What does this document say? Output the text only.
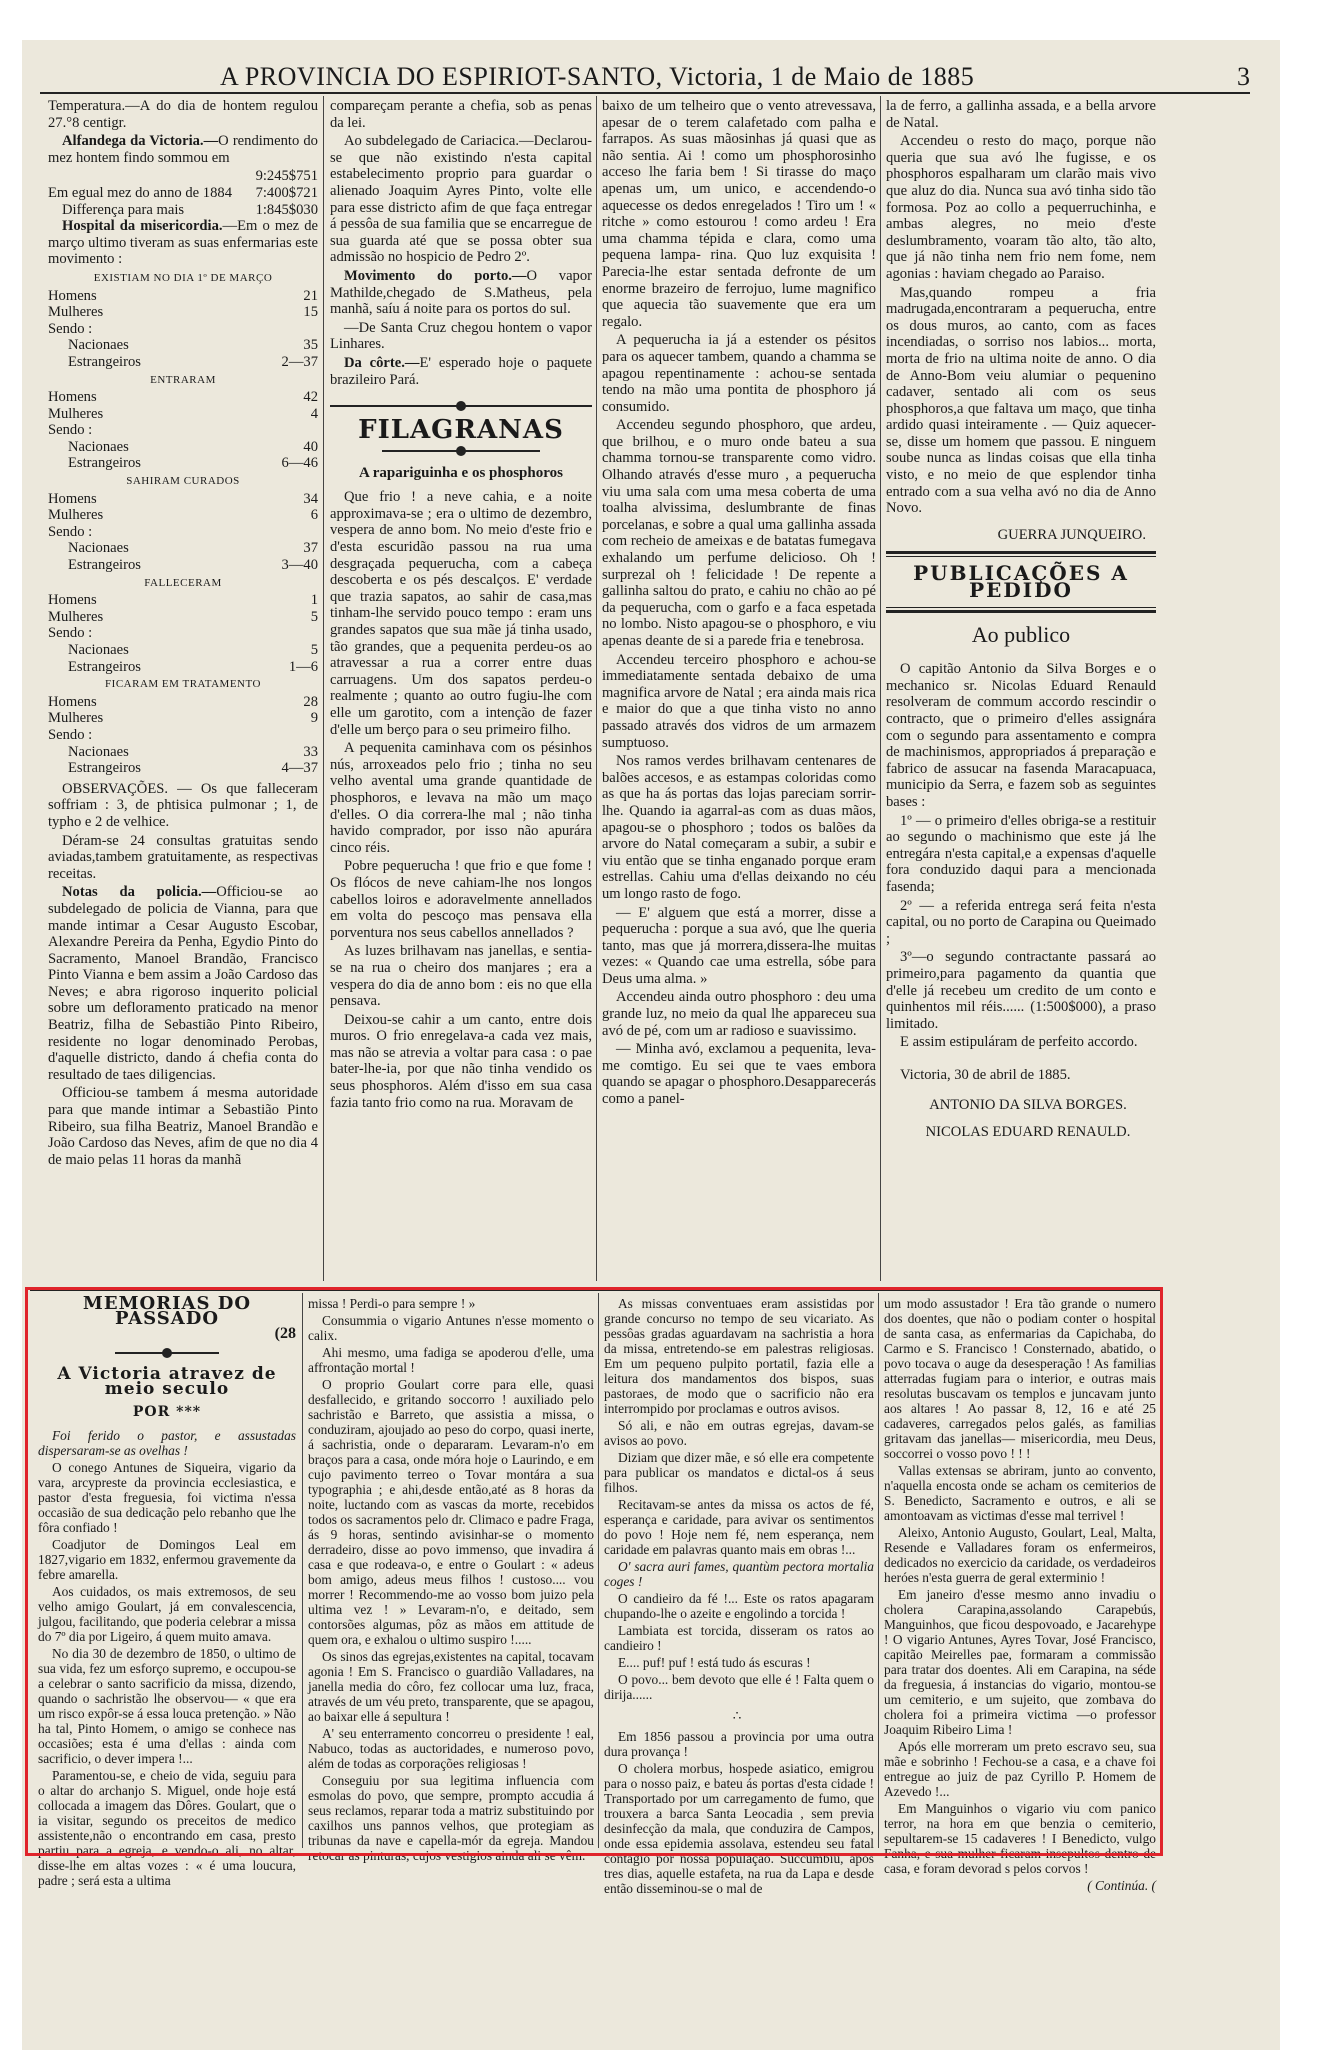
A PROVINCIA DO ESPIRIOT-SANTO, Victoria, 1 de Maio de 1885	3

Temperatura.—A do dia de hontem regulou 27.°8 centigr.

Alfandega da Victoria.—O rendimento do mez hontem findo sommou em

9:245$751
Em egual mez do anno de 1884 7:400$721
Differença para mais	1:845$030

Hospital da misericordia.—Em o mez de março ultimo tiveram as suas enfermarias este movimento :

EXISTIAM NO DIA 1º DE MARÇO
Homens	21
Mulheres	15
Sendo :
Nacionaes	35
Estrangeiros	2—37
ENTRARAM
Homens	42
Mulheres	4
Sendo :
Nacionaes	40
Estrangeiros	6—46
SAHIRAM CURADOS
Homens	34
Mulheres	6
Sendo :
Nacionaes	37
Estrangeiros	3—40
FALLECERAM
Homens	1
Mulheres	5
Sendo :
Nacionaes	5
Estrangeiros	1—6
FICARAM EM TRATAMENTO
Homens	28
Mulheres	9
Sendo :
Nacionaes	33
Estrangeiros	4—37

OBSERVAÇÕES. — Os que falleceram soffriam : 3, de phtisica pulmonar ; 1, de typho e 2 de velhice.

Déram-se 24 consultas gratuitas sendo aviadas,tambem gratuitamente, as respectivas receitas.

Notas da policia.—Officiou-se ao subdelegado de policia de Vianna, para que mande intimar a Cesar Augusto Escobar, Alexandre Pereira da Penha, Egydio Pinto do Sacramento, Manoel Brandão, Francisco Pinto Vianna e bem assim a João Cardoso das Neves; e abra rigoroso inquerito policial sobre um defloramento praticado na menor Beatriz, filha de Sebastião Pinto Ribeiro, residente no logar denominado Perobas, d'aquelle districto, dando á chefia conta do resultado de taes diligencias.

Officiou-se tambem á mesma autoridade para que mande intimar a Sebastião Pinto Ribeiro, sua filha Beatriz, Manoel Brandão e João Cardoso das Neves, afim de que no dia 4 de maio pelas 11 horas da manhã

compareçam perante a chefia, sob as penas da lei.

Ao subdelegado de Cariacica.—Declarou-se que não existindo n'esta capital estabelecimento proprio para guardar o alienado Joaquim Ayres Pinto, volte elle para esse districto afim de que faça entregar á pessôa de sua familia que se encarregue de sua guarda até que se possa obter sua admissão no hospicio de Pedro 2º.

Movimento do porto.—O vapor Mathilde,chegado de S.Matheus, pela manhã, saíu á noite para os portos do sul.

—De Santa Cruz chegou hontem o vapor Linhares.

Da côrte.—E' esperado hoje o paquete brazileiro Pará.

FILAGRANAS
A rapariguinha e os phosphoros

Que frio ! a neve cahia, e a noite approximava-se ; era o ultimo de dezembro, vespera de anno bom. No meio d'este frio e d'esta escuridão passou na rua uma desgraçada pequerucha, com a cabeça descoberta e os pés descalços. E' verdade que trazia sapatos, ao sahir de casa,mas tinham-lhe servido pouco tempo : eram uns grandes sapatos que sua mãe já tinha usado, tão grandes, que a pequenita perdeu-os ao atravessar a rua a correr entre duas carruagens. Um dos sapatos perdeu-o realmente ; quanto ao outro fugiu-lhe com elle um garotito, com a intenção de fazer d'elle um berço para o seu primeiro filho.

A pequenita caminhava com os pésinhos nús, arroxeados pelo frio ; tinha no seu velho avental uma grande quantidade de phosphoros, e levava na mão um maço d'elles. O dia correra-lhe mal ; não tinha havido comprador, por isso não apurára cinco réis.

Pobre pequerucha ! que frio e que fome ! Os flócos de neve cahiam-lhe nos longos cabellos loiros e adoravelmente annellados em volta do pescoço mas pensava ella porventura nos seus cabellos annellados ?

As luzes brilhavam nas janellas, e sentia-se na rua o cheiro dos manjares ; era a vespera do dia de anno bom : eis no que ella pensava.

Deixou-se cahir a um canto, entre dois muros. O frio enregelava-a cada vez mais, mas não se atrevia a voltar para casa : o pae bater-lhe-ia, por que não tinha vendido os seus phosphoros. Além d'isso em sua casa fazia tanto frio como na rua. Moravam de

baixo de um telheiro que o vento atrevessava, apesar de o terem calafetado com palha e farrapos. As suas mãosinhas já quasi que as não sentia. Ai ! como um phosphorosinho acceso lhe faria bem ! Si tirasse do maço apenas um, um unico, e accendendo-o aquecesse os dedos enregelados ! Tiro um ! « ritche » como estourou ! como ardeu ! Era uma chamma tépida e clara, como uma pequena lampa- rina. Quo luz exquisita ! Parecia-lhe estar sentada defronte de um enorme brazeiro de ferrojuo, lume magnifico que aquecia tão suavemente que era um regalo.

A pequerucha ia já a estender os pésitos para os aquecer tambem, quando a chamma se apagou repentinamente : achou-se sentada tendo na mão uma pontita de phosphoro já consumido.

Accendeu segundo phosphoro, que ardeu, que brilhou, e o muro onde bateu a sua chamma tornou-se transparente como vidro. Olhando através d'esse muro , a pequerucha viu uma sala com uma mesa coberta de uma toalha alvissima, deslumbrante de finas porcelanas, e sobre a qual uma gallinha assada com recheio de ameixas e de batatas fumegava exhalando um perfume delicioso. Oh ! surprezal oh ! felicidade ! De repente a gallinha saltou do prato, e cahiu no chão ao pé da pequerucha, com o garfo e a faca espetada no lombo. Nisto apagou-se o phosphoro, e viu apenas deante de si a parede fria e tenebrosa.

Accendeu terceiro phosphoro e achou-se immediatamente sentada debaixo de uma magnifica arvore de Natal ; era ainda mais rica e maior do que a que tinha visto no anno passado através dos vidros de um armazem sumptuoso.

Nos ramos verdes brilhavam centenares de balões accesos, e as estampas coloridas como as que ha ás portas das lojas pareciam sorrir-lhe. Quando ia agarral-as com as duas mãos, apagou-se o phosphoro ; todos os balões da arvore do Natal começaram a subir, a subir e viu então que se tinha enganado porque eram estrellas. Cahiu uma d'ellas deixando no céu um longo rasto de fogo.

— E' alguem que está a morrer, disse a pequerucha : porque a sua avó, que lhe queria tanto, mas que já morrera,dissera-lhe muitas vezes: « Quando cae uma estrella, sóbe para Deus uma alma. »

Accendeu ainda outro phosphoro : deu uma grande luz, no meio da qual lhe appareceu sua avó de pé, com um ar radioso e suavissimo.

— Minha avó, exclamou a pequenita, leva-me comtigo. Eu sei que te vaes embora quando se apagar o phosphoro.Desapparecerás como a panel-

la de ferro, a gallinha assada, e a bella arvore de Natal.

Accendeu o resto do maço, porque não queria que sua avó lhe fugisse, e os phosphoros espalharam um clarão mais vivo que aluz do dia. Nunca sua avó tinha sido tão formosa. Poz ao collo a pequerruchinha, e ambas alegres, no meio d'este deslumbramento, voaram tão alto, tão alto, que já não tinha nem frio nem fome, nem agonias : haviam chegado ao Paraiso.

Mas,quando rompeu a fria madrugada,encontraram a pequerucha, entre os dous muros, ao canto, com as faces incendiadas, o sorriso nos labios... morta, morta de frio na ultima noite de anno. O dia de Anno-Bom veiu alumiar o pequenino cadaver, sentado ali com os seus phosphoros,a que faltava um maço, que tinha ardido quasi inteiramente . — Quiz aquecer-se, disse um homem que passou. E ninguem soube nunca as lindas coisas que ella tinha visto, e no meio de que esplendor tinha entrado com a sua velha avó no dia de Anno Novo.

GUERRA JUNQUEIRO.

PUBLICAÇÕES A PEDIDO
Ao publico

O capitão Antonio da Silva Borges e o mechanico sr. Nicolas Eduard Renauld resolveram de commum accordo rescindir o contracto, que o primeiro d'elles assignára com o segundo para assentamento e compra de machinismos, appropriados á preparação e fabrico de assucar na fasenda Maracapuaca, municipio da Serra, e fazem sob as seguintes bases :

1º — o primeiro d'elles obriga-se a restituir ao segundo o machinismo que este já lhe entregára n'esta capital,e a expensas d'aquelle fora conduzido daqui para a mencionada fasenda;

2º — a referida entrega será feita n'esta capital, ou no porto de Carapina ou Queimado ;

3º—o segundo contractante passará ao primeiro,para pagamento da quantia que d'elle já recebeu um credito de um conto e quinhentos mil réis...... (1:500$000), a praso limitado.

E assim estipuláram de perfeito accordo.

Victoria, 30 de abril de 1885.

ANTONIO DA SILVA BORGES.

NICOLAS EDUARD RENAULD.

MEMORIAS DO PASSADO
(28
A Victoria atravez de meio seculo
POR ***

Foi ferido o pastor, e assustadas dispersaram-se as ovelhas !

O conego Antunes de Siqueira, vigario da vara, arcypreste da provincia ecclesiastica, e pastor d'esta freguesia, foi victima n'essa occasião de sua dedicação pelo rebanho que lhe fôra confiado !

Coadjutor de Domingos Leal em 1827,vigario em 1832, enfermou gravemente da febre amarella.

Aos cuidados, os mais extremosos, de seu velho amigo Goulart, já em convalescencia, julgou, facilitando, que poderia celebrar a missa do 7º dia por Ligeiro, á quem muito amava.

No dia 30 de dezembro de 1850, o ultimo de sua vida, fez um esforço supremo, e occupou-se a celebrar o santo sacrificio da missa, dizendo, quando o sachristão lhe observou— « que era um risco expôr-se á essa louca pretenção. » Não ha tal, Pinto Homem, o amigo se conhece nas occasiões; esta é uma d'ellas : ainda com sacrificio, o dever impera !...

Paramentou-se, e cheio de vida, seguiu para o altar do archanjo S. Miguel, onde hoje está collocada a imagem das Dôres. Goulart, que o ia visitar, segundo os preceitos de medico assistente,não o encontrando em casa, presto partiu para a egreja, e vendo-o ali, no altar, disse-lhe em altas vozes : « é uma loucura, padre ; será esta a ultima

missa ! Perdi-o para sempre ! »

Consummia o vigario Antunes n'esse momento o calix.

Ahi mesmo, uma fadiga se apoderou d'elle, uma affrontação mortal !

O proprio Goulart corre para elle, quasi desfallecido, e gritando soccorro ! auxiliado pelo sachristão e Barreto, que assistia a missa, o conduziram, ajoujado ao peso do corpo, quasi inerte, á sachristia, onde o depararam. Levaram-n'o em braços para a casa, onde móra hoje o Laurindo, e em cujo pavimento terreo o Tovar montára a sua typographia ; e ahi,desde então,até as 8 horas da noite, luctando com as vascas da morte, recebidos todos os sacramentos pelo dr. Climaco e padre Fraga, ás 9 horas, sentindo avisinhar-se o momento derradeiro, disse ao povo immenso, que invadira á casa e que rodeava-o, e entre o Goulart : « adeus bom amigo, adeus meus filhos ! custoso.... vou morrer ! Recommendo-me ao vosso bom juizo pela ultima vez ! » Levaram-n'o, e deitado, sem contorsões algumas, pôz as mãos em attitude de quem ora, e exhalou o ultimo suspiro !.....

Os sinos das egrejas,existentes na capital, tocavam agonia ! Em S. Francisco o guardião Valladares, na janella media do côro, fez collocar uma luz, fraca, através de um véu preto, transparente, que se apagou, ao baixar elle á sepultura !

A' seu enterramento concorreu o presidente ! eal, Nabuco, todas as auctoridades, e numeroso povo, além de todas as corporações religiosas !

Conseguiu por sua legitima influencia com esmolas do povo, que sempre, prompto accudia á seus reclamos, reparar toda a matriz substituindo por caxilhos uns pannos velhos, que protegiam as tribunas da nave e capella-mór da egreja. Mandou retocar as pinturas, cujos vestigios ainda ali se vêm.

As missas conventuaes eram assistidas por grande concurso no tempo de seu vicariato. As pessôas gradas aguardavam na sachristia a hora da missa, entretendo-se em palestras religiosas. Em um pequeno pulpito portatil, fazia elle a leitura dos mandamentos dos bispos, suas pastoraes, de modo que o sacrificio não era interrompido por proclamas e outros avisos.

Só ali, e não em outras egrejas, davam-se avisos ao povo.

Diziam que dizer mãe, e só elle era competente para publicar os mandatos e dictal-os á seus filhos.

Recitavam-se antes da missa os actos de fé, esperança e caridade, para avivar os sentimentos do povo ! Hoje nem fé, nem esperança, nem caridade em palavras quanto mais em obras !...

O' sacra auri fames, quantùm pectora mortalia coges !

O candieiro da fé !... Este os ratos apagaram chupando-lhe o azeite e engolindo a torcida !

Lambiata est torcida, disseram os ratos ao candieiro !

E.... puf! puf ! está tudo ás escuras !

O povo... bem devoto que elle é ! Falta quem o dirija......

∴

Em 1856 passou a provincia por uma outra dura provança !

O cholera morbus, hospede asiatico, emigrou para o nosso paiz, e bateu ás portas d'esta cidade ! Transportado por um carregamento de fumo, que trouxera a barca Santa Leocadia , sem previa desinfecção da mala, que conduzira de Campos, onde essa epidemia assolava, estendeu seu fatal contagio por nossa população. Succumbiu, após tres dias, aquelle estafeta, na rua da Lapa e desde então disseminou-se o mal de

um modo assustador ! Era tão grande o numero dos doentes, que não o podiam conter o hospital de santa casa, as enfermarias da Capichaba, do Carmo e S. Francisco ! Consternado, abatido, o povo tocava o auge da desesperação ! As familias atterradas fugiam para o interior, e outras mais resolutas buscavam os templos e juncavam junto aos altares ! Ao passar 8, 12, 16 e até 25 cadaveres, carregados pelos galés, as familias gritavam das janellas— misericordia, meu Deus, soccorrei o vosso povo ! ! !

Vallas extensas se abriram, junto ao convento, n'aquella encosta onde se acham os cemiterios de S. Benedicto, Sacramento e outros, e ali se amontoavam as victimas d'esse mal terrivel !

Aleixo, Antonio Augusto, Goulart, Leal, Malta, Resende e Valladares foram os enfermeiros, dedicados no exercicio da caridade, os verdadeiros heróes n'esta guerra de geral exterminio !

Em janeiro d'esse mesmo anno invadiu o cholera Carapina,assolando Carapebús, Manguinhos, que ficou despovoado, e Jacarehype ! O vigario Antunes, Ayres Tovar, José Francisco, capitão Meirelles pae, formaram a commissão para tratar dos doentes. Ali em Carapina, na séde da freguesia, á instancias do vigario, montou-se um cemiterio, e um sujeito, que zombava do cholera foi a primeira victima —o professor Joaquim Ribeiro Lima !

Após elle morreram um preto escravo seu, sua mãe e sobrinho ! Fechou-se a casa, e a chave foi entregue ao juiz de paz Cyrillo P. Homem de Azevedo !...

Em Manguinhos o vigario viu com panico terror, na hora em que benzia o cemiterio, sepultarem-se 15 cadaveres ! I Benedicto, vulgo Fanha, e sua mulher ficaram insepultos dentro de casa, e foram devorad s pelos corvos !

( Continúa. (
